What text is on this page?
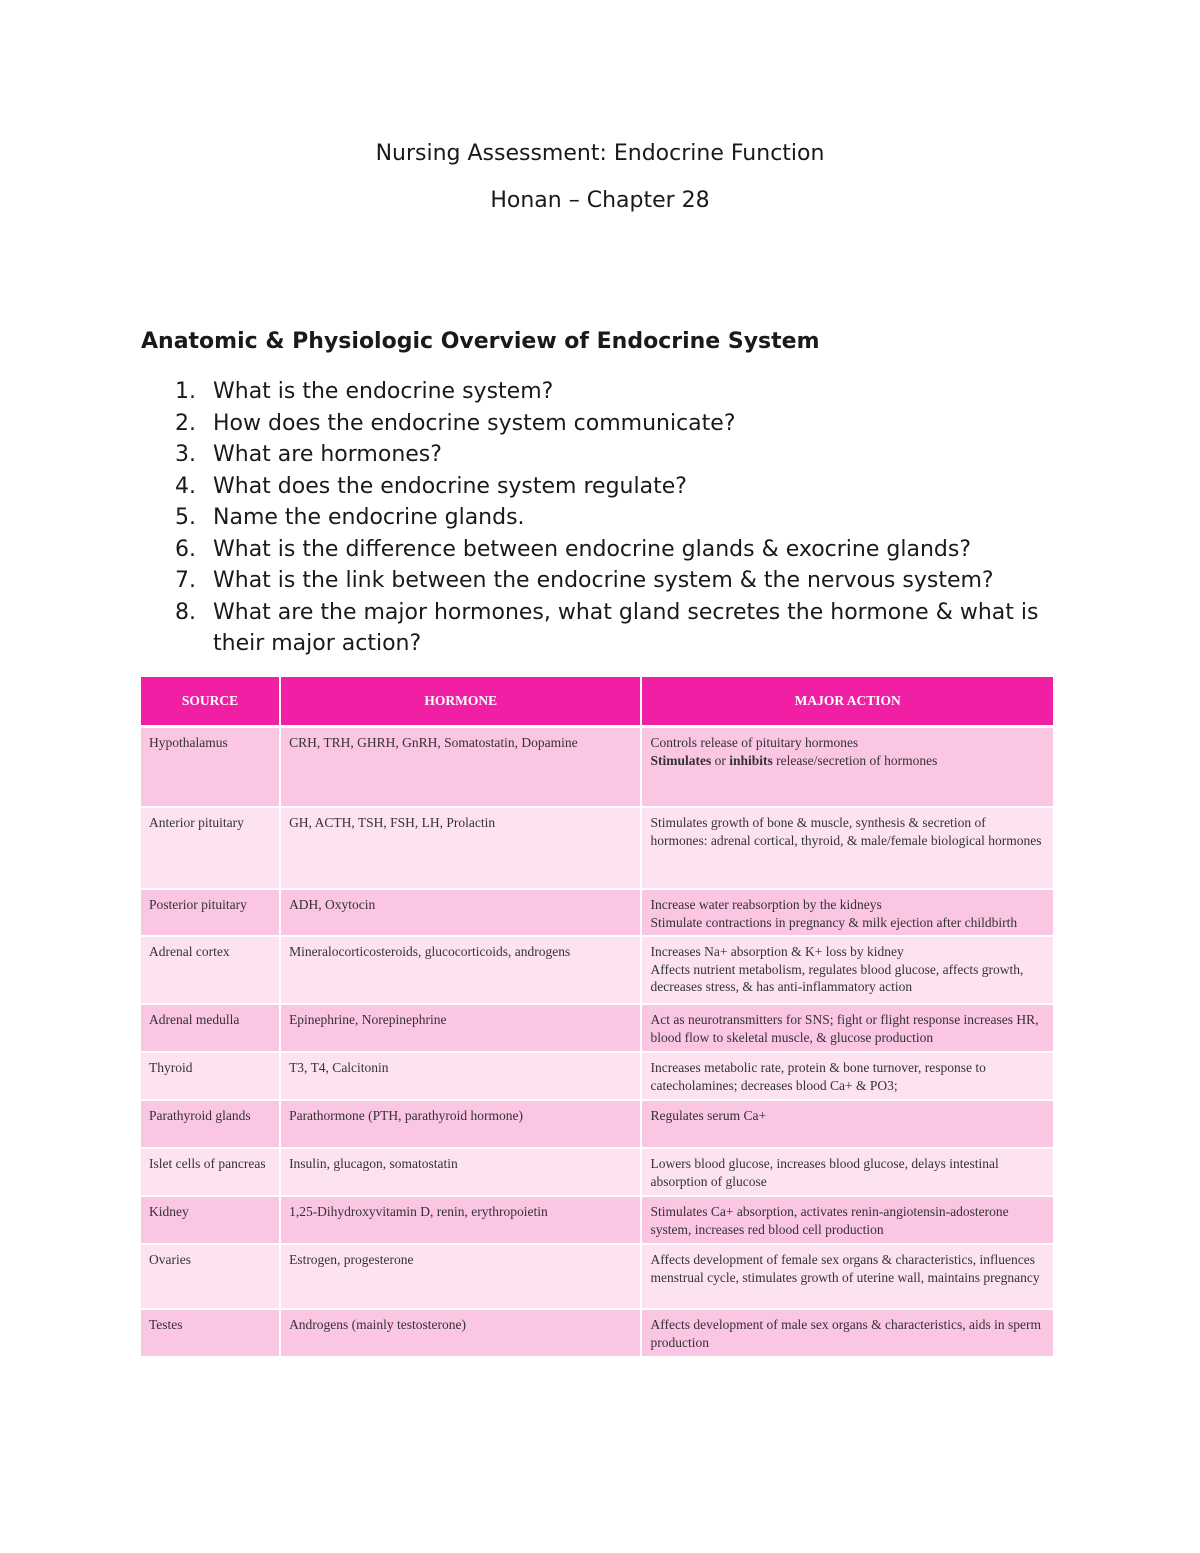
Nursing Assessment: Endocrine Function
Honan – Chapter 28
Anatomic & Physiologic Overview of Endocrine System
1. What is the endocrine system?
2. How does the endocrine system communicate?
3. What are hormones?
4. What does the endocrine system regulate?
5. Name the endocrine glands.
6. What is the difference between endocrine glands & exocrine glands?
7. What is the link between the endocrine system & the nervous system?
8. What are the major hormones, what gland secretes the hormone & what is their major action?
SOURCE	HORMONE	MAJOR ACTION
Hypothalamus	CRH, TRH, GHRH, GnRH, Somatostatin, Dopamine	Controls release of pituitary hormones
Stimulates or inhibits release/secretion of hormones

Anterior pituitary	GH, ACTH, TSH, FSH, LH, Prolactin	Stimulates growth of bone & muscle, synthesis & secretion of hormones: adrenal cortical, thyroid, & male/female biological hormones
Posterior pituitary	ADH, Oxytocin	Increase water reabsorption by the kidneys
Stimulate contractions in pregnancy & milk ejection after childbirth

Adrenal cortex	Mineralocorticosteroids, glucocorticoids, androgens	Increases Na+ absorption & K+ loss by kidney
Affects nutrient metabolism, regulates blood glucose, affects growth, decreases stress, & has anti-inflammatory action

Adrenal medulla	Epinephrine, Norepinephrine	Act as neurotransmitters for SNS; fight or flight response increases HR, blood flow to skeletal muscle, & glucose production
Thyroid	T3, T4, Calcitonin	Increases metabolic rate, protein & bone turnover, response to catecholamines; decreases blood Ca+ & PO3;
Parathyroid glands	Parathormone (PTH, parathyroid hormone)	Regulates serum Ca+
Islet cells of pancreas	Insulin, glucagon, somatostatin	Lowers blood glucose, increases blood glucose, delays intestinal absorption of glucose
Kidney	1,25-Dihydroxyvitamin D, renin, erythropoietin	Stimulates Ca+ absorption, activates renin-angiotensin-adosterone system, increases red blood cell production
Ovaries	Estrogen, progesterone	Affects development of female sex organs & characteristics, influences menstrual cycle, stimulates growth of uterine wall, maintains pregnancy
Testes	Androgens (mainly testosterone)	Affects development of male sex organs & characteristics, aids in sperm production
